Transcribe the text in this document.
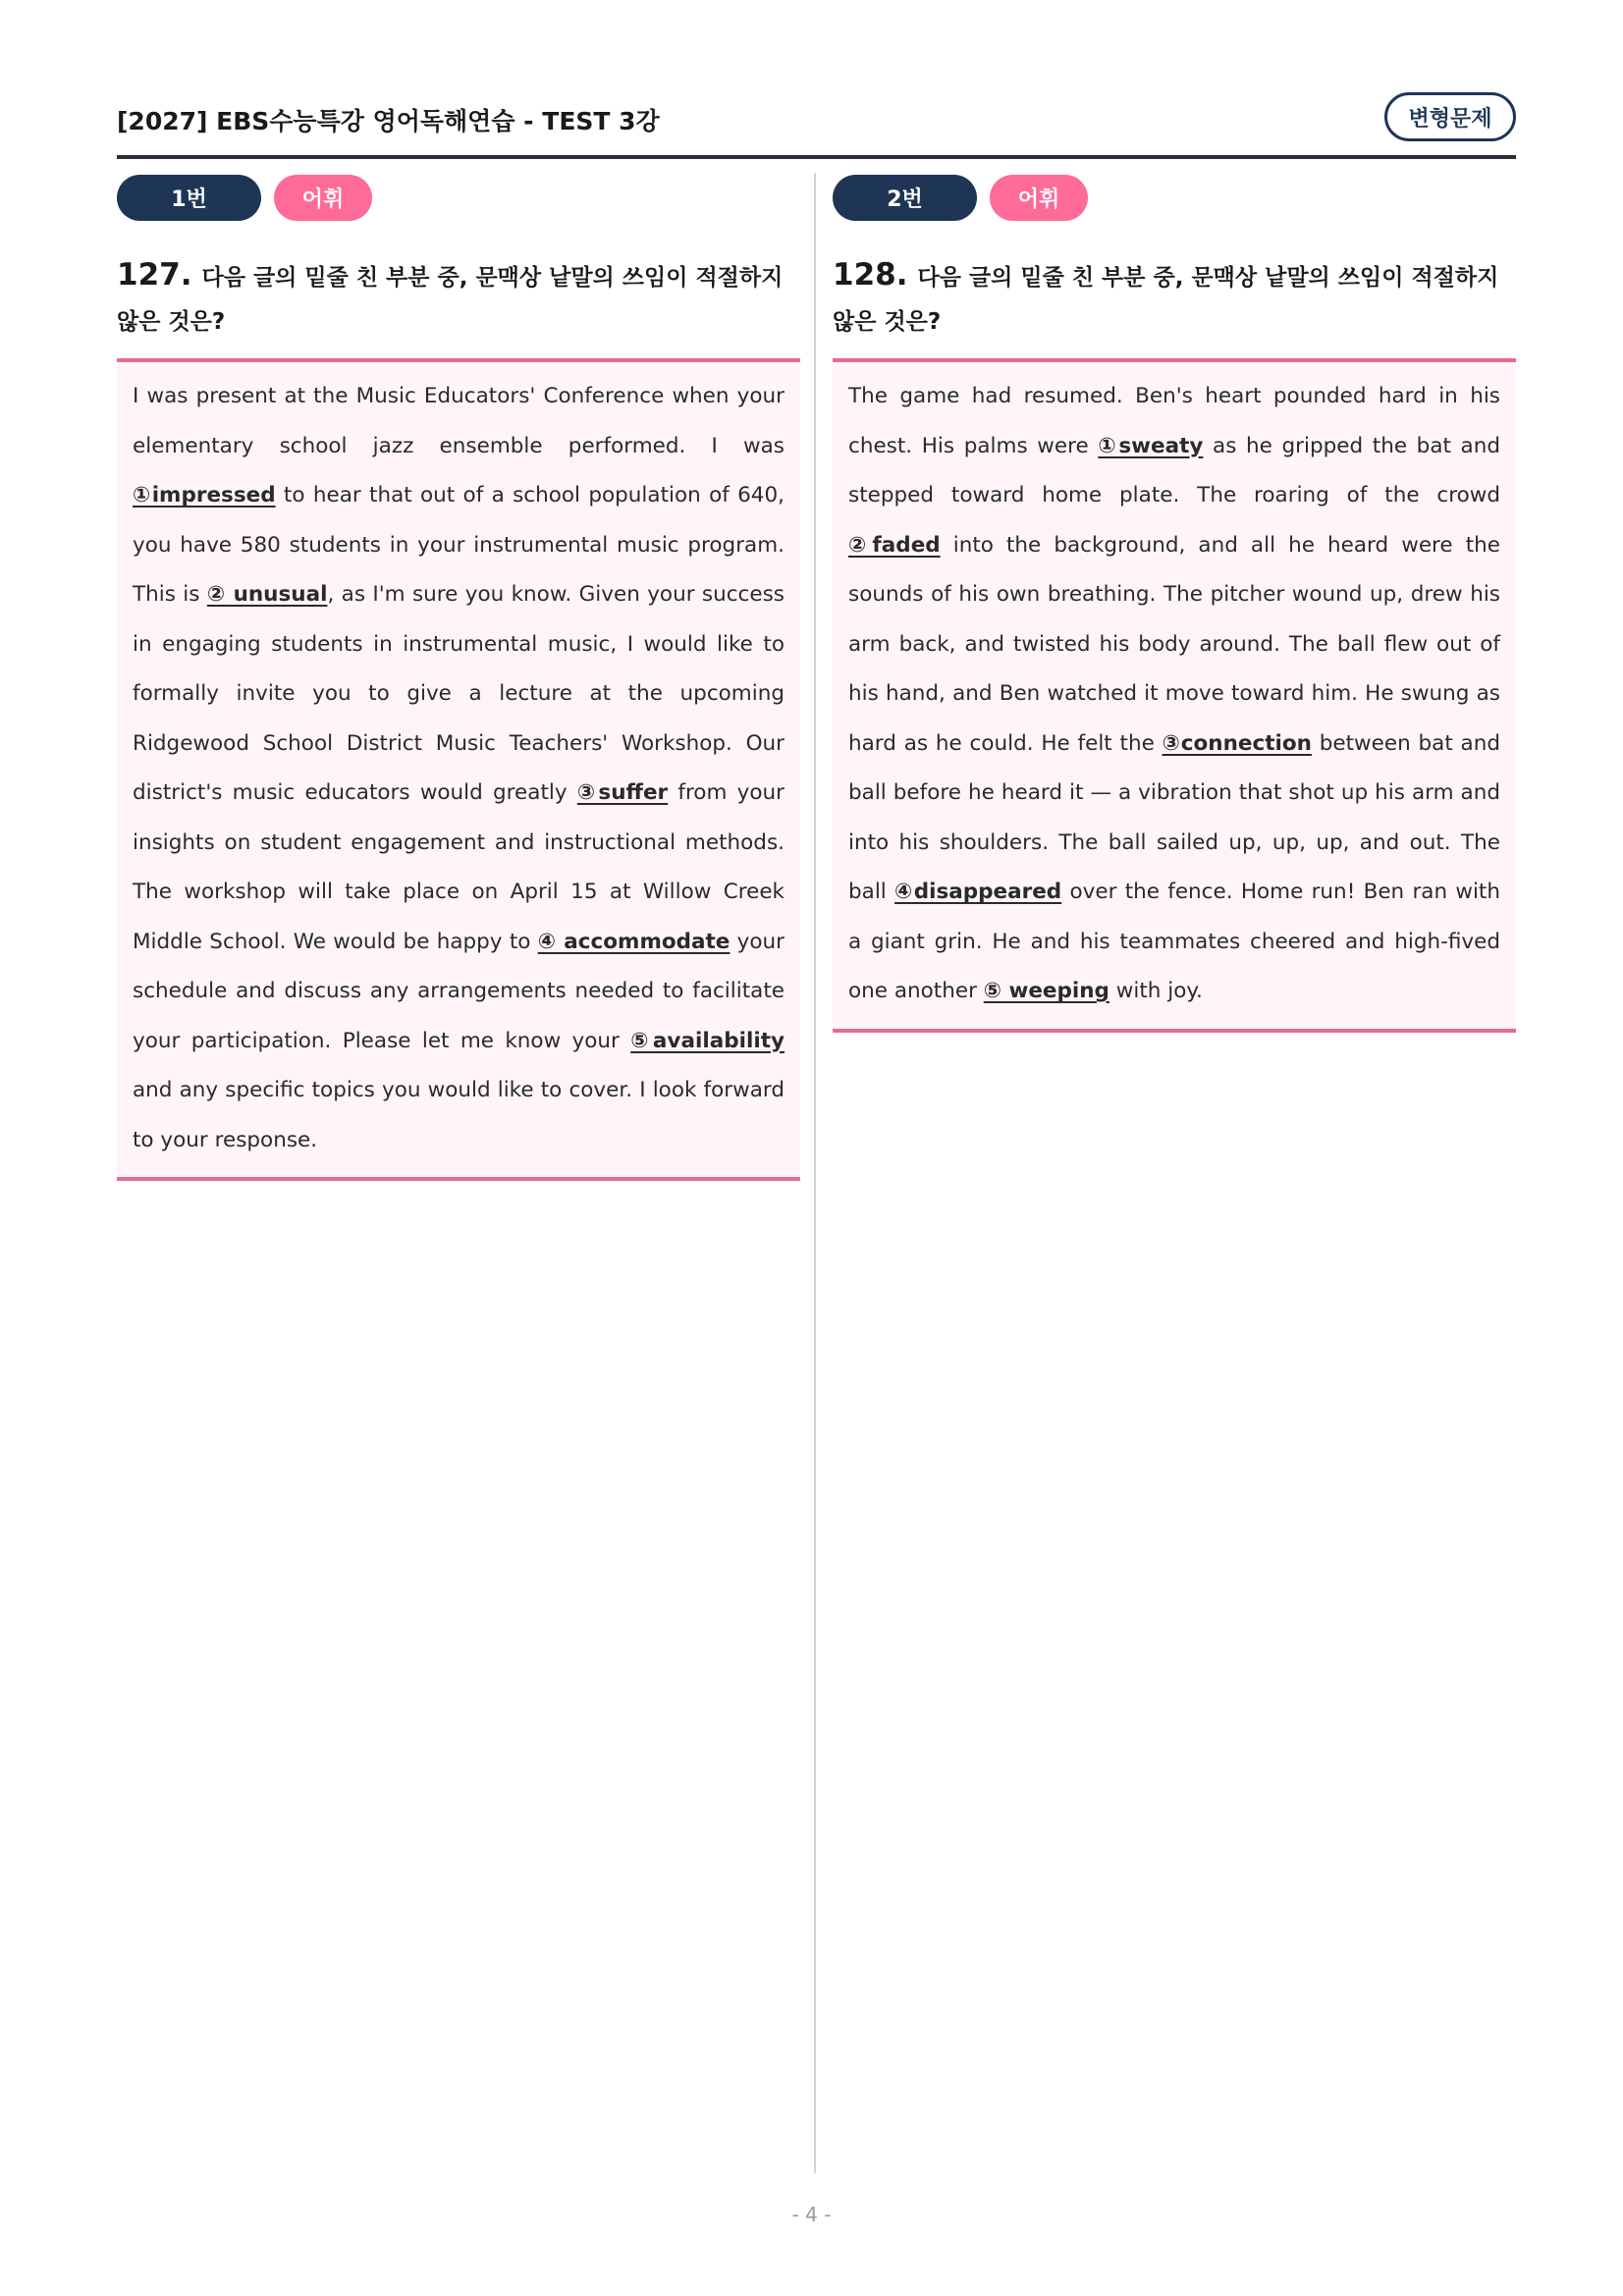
[2027] EBS수능특강 영어독해연습 - TEST 3강	변형문제
1번	어휘
127. 다음 글의 밑줄 친 부분 중, 문맥상 낱말의 쓰임이 적절하지 않은 것은?
I was present at the Music Educators' Conference when your elementary school jazz ensemble performed. I was ①impressed to hear that out of a school population of 640, you have 580 students in your instrumental music program. This is ② unusual, as I'm sure you know. Given your success in engaging students in instrumental music, I would like to formally invite you to give a lecture at the upcoming Ridgewood School District Music Teachers' Workshop. Our district's music educators would greatly ③suffer from your insights on student engagement and instructional methods. The workshop will take place on April 15 at Willow Creek Middle School. We would be happy to ④ accommodate your schedule and discuss any arrangements needed to facilitate your participation. Please let me know your ⑤availability and any specific topics you would like to cover. I look forward to your response.
2번	어휘
128. 다음 글의 밑줄 친 부분 중, 문맥상 낱말의 쓰임이 적절하지 않은 것은?
The game had resumed. Ben's heart pounded hard in his chest. His palms were ①sweaty as he gripped the bat and stepped toward home plate. The roaring of the crowd ②faded into the background, and all he heard were the sounds of his own breathing. The pitcher wound up, drew his arm back, and twisted his body around. The ball flew out of his hand, and Ben watched it move toward him. He swung as hard as he could. He felt the ③connection between bat and ball before he heard it — a vibration that shot up his arm and into his shoulders. The ball sailed up, up, up, and out. The ball ④disappeared over the fence. Home run! Ben ran with a giant grin. He and his teammates cheered and high-fived one another ⑤ weeping with joy.
- 4 -
